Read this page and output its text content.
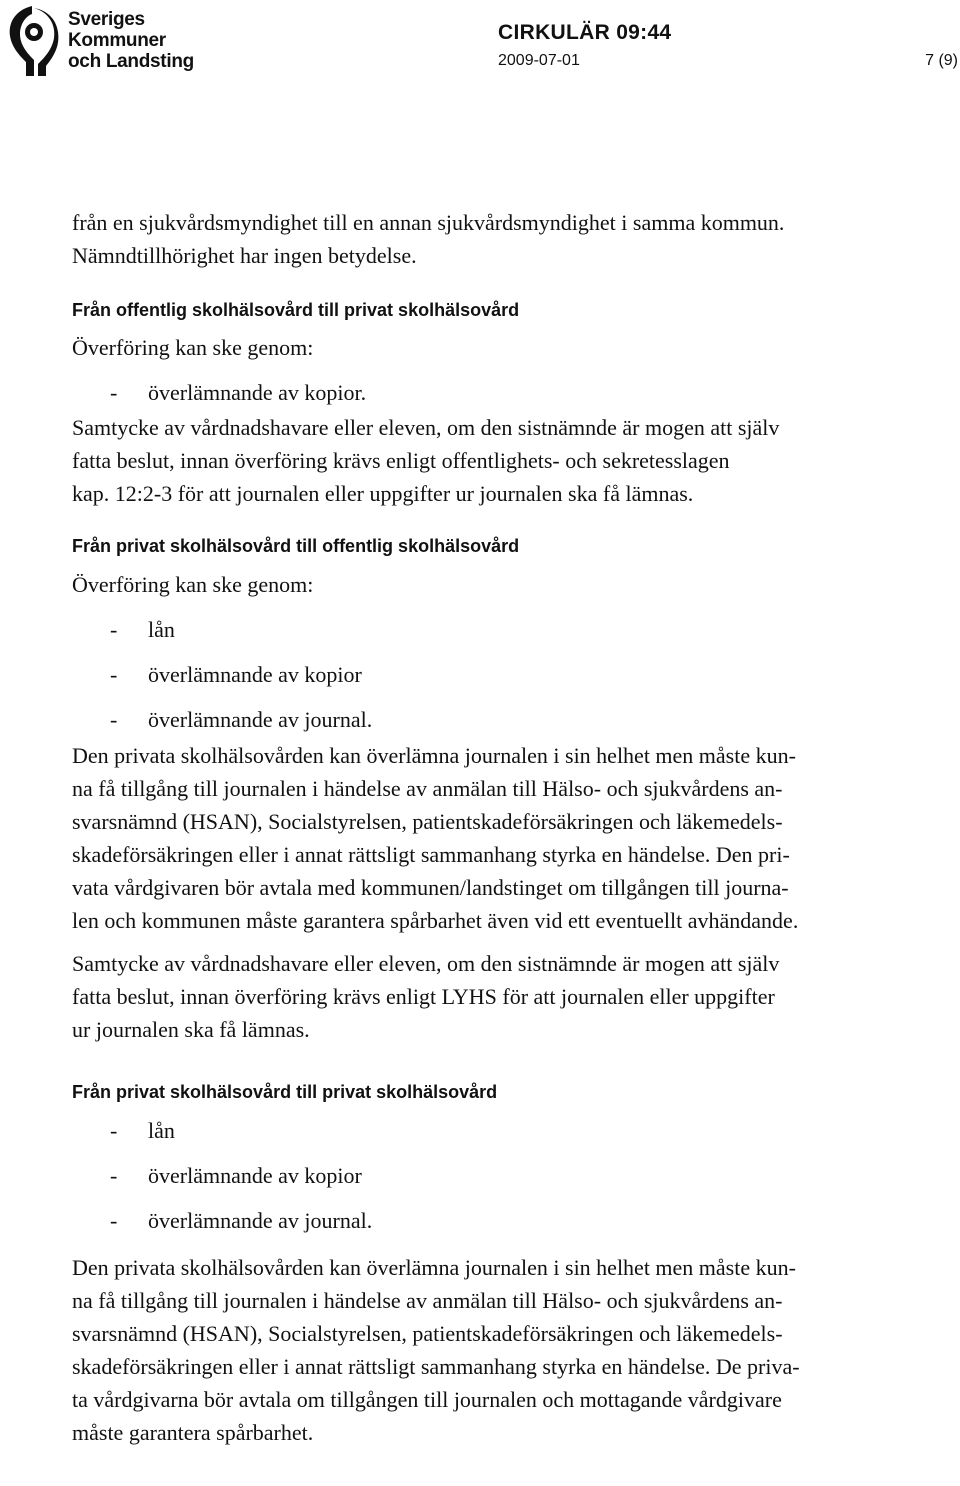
Sveriges
Kommuner
och Landsting
CIRKULÄR 09:44
2009-07-01	7 (9)

från en sjukvårdsmyndighet till en annan sjukvårdsmyndighet i samma kommun.
Nämndtillhörighet har ingen betydelse.

Från offentlig skolhälsovård till privat skolhälsovård

Överföring kan ske genom:

- överlämnande av kopior.

Samtycke av vårdnadshavare eller eleven, om den sistnämnde är mogen att själv
fatta beslut, innan överföring krävs enligt offentlighets- och sekretesslagen
kap. 12:2-3 för att journalen eller uppgifter ur journalen ska få lämnas.

Från privat skolhälsovård till offentlig skolhälsovård

Överföring kan ske genom:

- lån
- överlämnande av kopior
- överlämnande av journal.

Den privata skolhälsovården kan överlämna journalen i sin helhet men måste kun-
na få tillgång till journalen i händelse av anmälan till Hälso- och sjukvårdens an-
svarsnämnd (HSAN), Socialstyrelsen, patientskadeförsäkringen och läkemedels-
skadeförsäkringen eller i annat rättsligt sammanhang styrka en händelse. Den pri-
vata vårdgivaren bör avtala med kommunen/landstinget om tillgången till journa-
len och kommunen måste garantera spårbarhet även vid ett eventuellt avhändande.

Samtycke av vårdnadshavare eller eleven, om den sistnämnde är mogen att själv
fatta beslut, innan överföring krävs enligt LYHS för att journalen eller uppgifter
ur journalen ska få lämnas.

Från privat skolhälsovård till privat skolhälsovård
- lån
- överlämnande av kopior
- överlämnande av journal.

Den privata skolhälsovården kan överlämna journalen i sin helhet men måste kun-
na få tillgång till journalen i händelse av anmälan till Hälso- och sjukvårdens an-
svarsnämnd (HSAN), Socialstyrelsen, patientskadeförsäkringen och läkemedels-
skadeförsäkringen eller i annat rättsligt sammanhang styrka en händelse. De priva-
ta vårdgivarna bör avtala om tillgången till journalen och mottagande vårdgivare
måste garantera spårbarhet.
